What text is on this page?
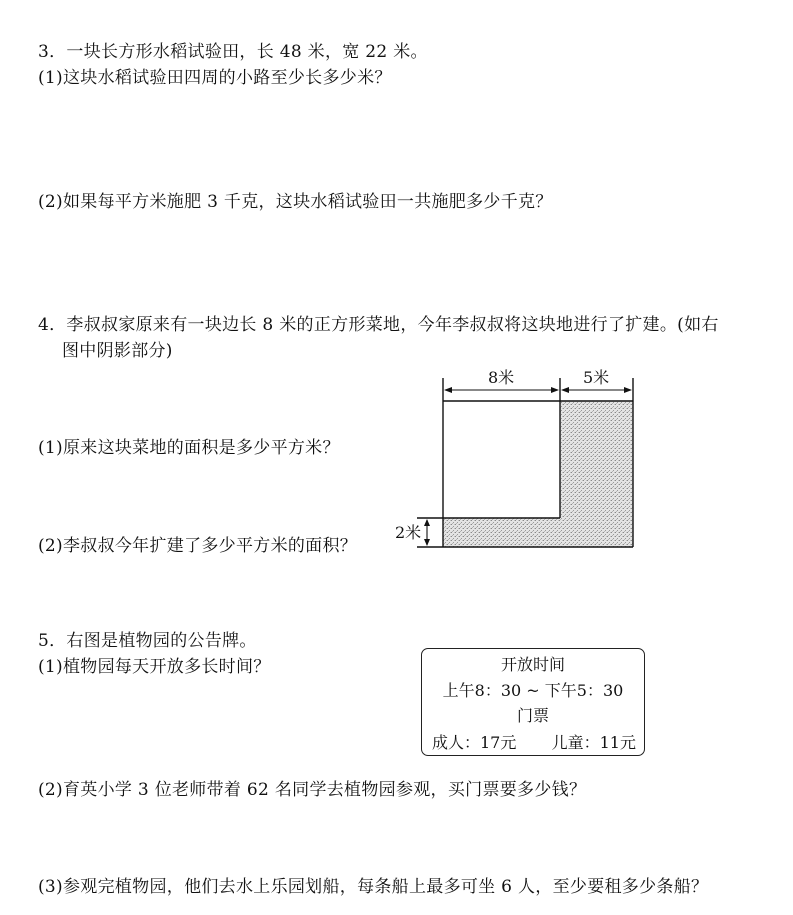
3．一块长方形水稻试验田，长 48 米，宽 22 米。
(1)这块水稻试验田四周的小路至少长多少米？
(2)如果每平方米施肥 3 千克，这块水稻试验田一共施肥多少千克？
4．李叔叔家原来有一块边长 8 米的正方形菜地，今年李叔叔将这块地进行了扩建。(如右
图中阴影部分)
(1)原来这块菜地的面积是多少平方米？
(2)李叔叔今年扩建了多少平方米的面积？
8米	5米
2米
5．右图是植物园的公告牌。
(1)植物园每天开放多长时间？	开放时间
上午8：30 ~ 下午5：30
门票
成人：17元 儿童：11元
(2)育英小学 3 位老师带着 62 名同学去植物园参观，买门票要多少钱？
(3)参观完植物园，他们去水上乐园划船，每条船上最多可坐 6 人，至少要租多少条船？
